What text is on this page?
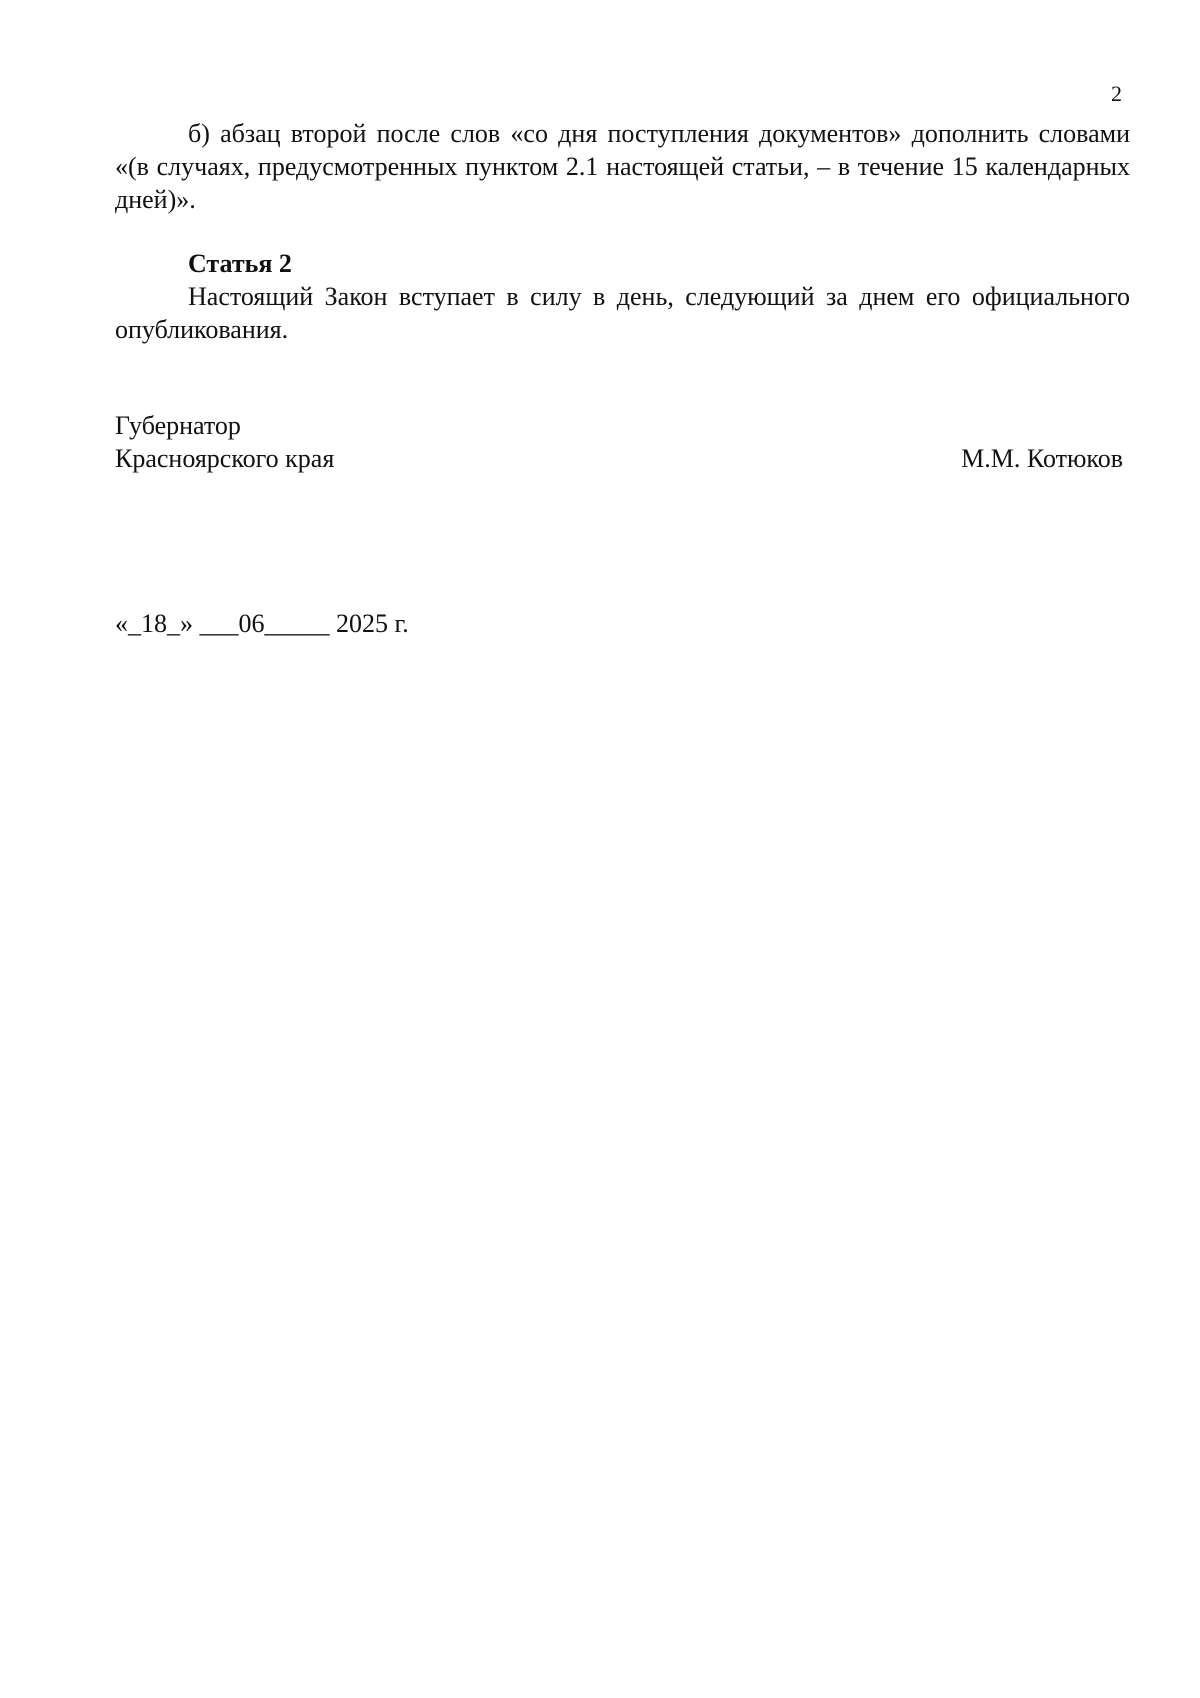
2

б) абзац второй после слов «со дня поступления документов» дополнить словами «(в случаях, предусмотренных пунктом 2.1 настоящей статьи, – в течение 15 календарных дней)».

Статья 2

Настоящий Закон вступает в силу в день, следующий за днем его официального опубликования.

Губернатор
Красноярского края	М.М. Котюков
«_18_» ___06_____ 2025 г.
